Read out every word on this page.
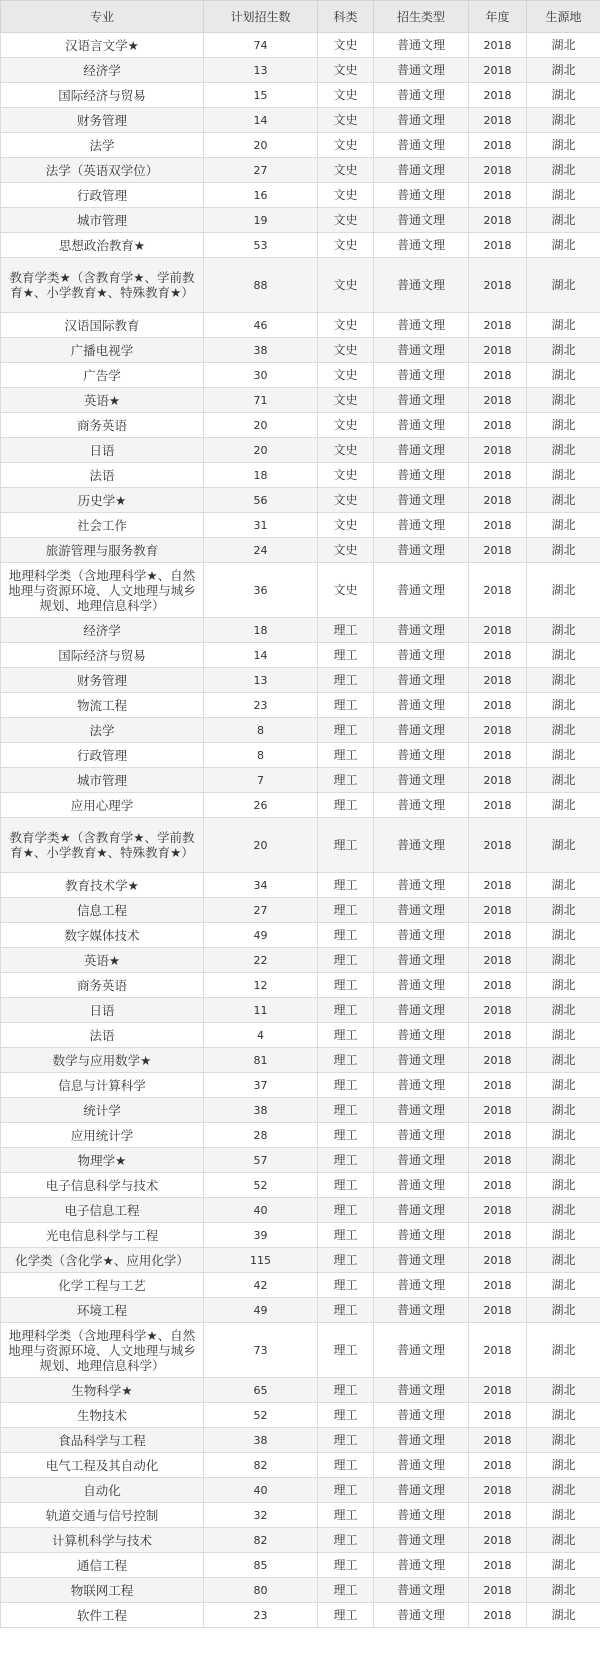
专业	计划招生数	科类	招生类型	年度	生源地
汉语言文学★	74	文史	普通文理	2018	湖北
经济学	13	文史	普通文理	2018	湖北
国际经济与贸易	15	文史	普通文理	2018	湖北
财务管理	14	文史	普通文理	2018	湖北
法学	20	文史	普通文理	2018	湖北
法学（英语双学位）	27	文史	普通文理	2018	湖北
行政管理	16	文史	普通文理	2018	湖北
城市管理	19	文史	普通文理	2018	湖北
思想政治教育★	53	文史	普通文理	2018	湖北
教育学类★（含教育学★、学前教育★、小学教育★、特殊教育★）	88	文史	普通文理	2018	湖北
汉语国际教育	46	文史	普通文理	2018	湖北
广播电视学	38	文史	普通文理	2018	湖北
广告学	30	文史	普通文理	2018	湖北
英语★	71	文史	普通文理	2018	湖北
商务英语	20	文史	普通文理	2018	湖北
日语	20	文史	普通文理	2018	湖北
法语	18	文史	普通文理	2018	湖北
历史学★	56	文史	普通文理	2018	湖北
社会工作	31	文史	普通文理	2018	湖北
旅游管理与服务教育	24	文史	普通文理	2018	湖北
地理科学类（含地理科学★、自然地理与资源环境、人文地理与城乡规划、地理信息科学）	36	文史	普通文理	2018	湖北
经济学	18	理工	普通文理	2018	湖北
国际经济与贸易	14	理工	普通文理	2018	湖北
财务管理	13	理工	普通文理	2018	湖北
物流工程	23	理工	普通文理	2018	湖北
法学	8	理工	普通文理	2018	湖北
行政管理	8	理工	普通文理	2018	湖北
城市管理	7	理工	普通文理	2018	湖北
应用心理学	26	理工	普通文理	2018	湖北
教育学类★（含教育学★、学前教育★、小学教育★、特殊教育★）	20	理工	普通文理	2018	湖北
教育技术学★	34	理工	普通文理	2018	湖北
信息工程	27	理工	普通文理	2018	湖北
数字媒体技术	49	理工	普通文理	2018	湖北
英语★	22	理工	普通文理	2018	湖北
商务英语	12	理工	普通文理	2018	湖北
日语	11	理工	普通文理	2018	湖北
法语	4	理工	普通文理	2018	湖北
数学与应用数学★	81	理工	普通文理	2018	湖北
信息与计算科学	37	理工	普通文理	2018	湖北
统计学	38	理工	普通文理	2018	湖北
应用统计学	28	理工	普通文理	2018	湖北
物理学★	57	理工	普通文理	2018	湖北
电子信息科学与技术	52	理工	普通文理	2018	湖北
电子信息工程	40	理工	普通文理	2018	湖北
光电信息科学与工程	39	理工	普通文理	2018	湖北
化学类（含化学★、应用化学）	115	理工	普通文理	2018	湖北
化学工程与工艺	42	理工	普通文理	2018	湖北
环境工程	49	理工	普通文理	2018	湖北
地理科学类（含地理科学★、自然地理与资源环境、人文地理与城乡规划、地理信息科学）	73	理工	普通文理	2018	湖北
生物科学★	65	理工	普通文理	2018	湖北
生物技术	52	理工	普通文理	2018	湖北
食品科学与工程	38	理工	普通文理	2018	湖北
电气工程及其自动化	82	理工	普通文理	2018	湖北
自动化	40	理工	普通文理	2018	湖北
轨道交通与信号控制	32	理工	普通文理	2018	湖北
计算机科学与技术	82	理工	普通文理	2018	湖北
通信工程	85	理工	普通文理	2018	湖北
物联网工程	80	理工	普通文理	2018	湖北
软件工程	23	理工	普通文理	2018	湖北
